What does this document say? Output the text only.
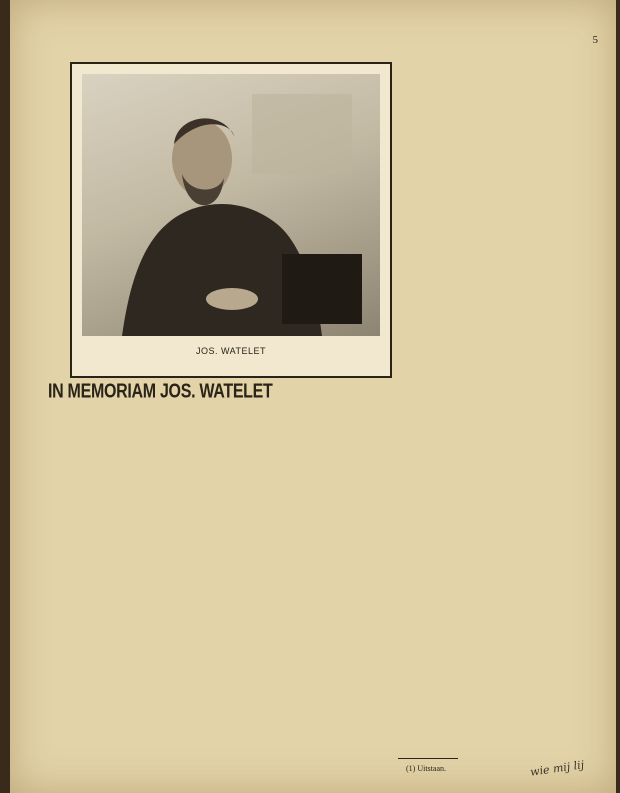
5
JOS. WATELET
IN MEMORIAM JOS. WATELET
(1) Uitstaan.	wie mij lij
